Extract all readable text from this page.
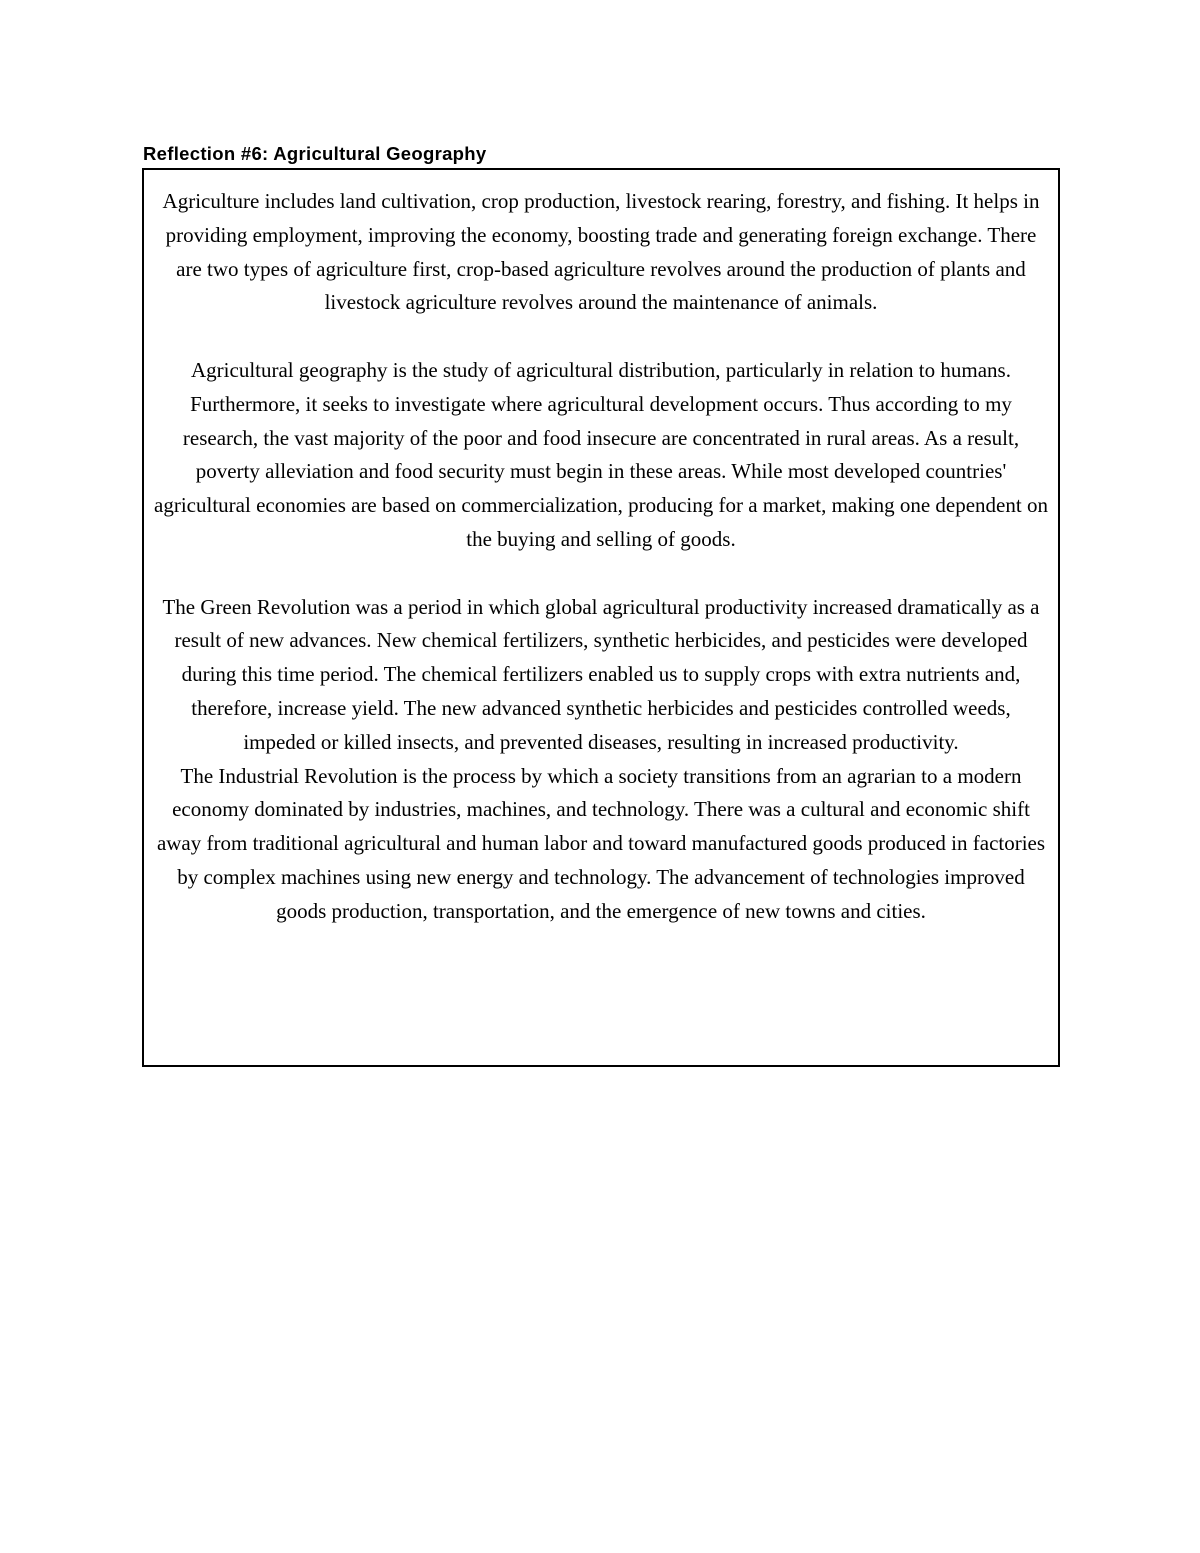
Reflection #6: Agricultural Geography

Agriculture includes land cultivation, crop production, livestock rearing, forestry, and fishing. It helps in providing employment, improving the economy, boosting trade and generating foreign exchange. There are two types of agriculture first, crop-based agriculture revolves around the production of plants and livestock agriculture revolves around the maintenance of animals.

Agricultural geography is the study of agricultural distribution, particularly in relation to humans. Furthermore, it seeks to investigate where agricultural development occurs. Thus according to my research, the vast majority of the poor and food insecure are concentrated in rural areas. As a result, poverty alleviation and food security must begin in these areas. While most developed countries' agricultural economies are based on commercialization, producing for a market, making one dependent on the buying and selling of goods.

The Green Revolution was a period in which global agricultural productivity increased dramatically as a result of new advances. New chemical fertilizers, synthetic herbicides, and pesticides were developed during this time period. The chemical fertilizers enabled us to supply crops with extra nutrients and, therefore, increase yield. The new advanced synthetic herbicides and pesticides controlled weeds, impeded or killed insects, and prevented diseases, resulting in increased productivity.

The Industrial Revolution is the process by which a society transitions from an agrarian to a modern economy dominated by industries, machines, and technology. There was a cultural and economic shift away from traditional agricultural and human labor and toward manufactured goods produced in factories by complex machines using new energy and technology. The advancement of technologies improved goods production, transportation, and the emergence of new towns and cities.
